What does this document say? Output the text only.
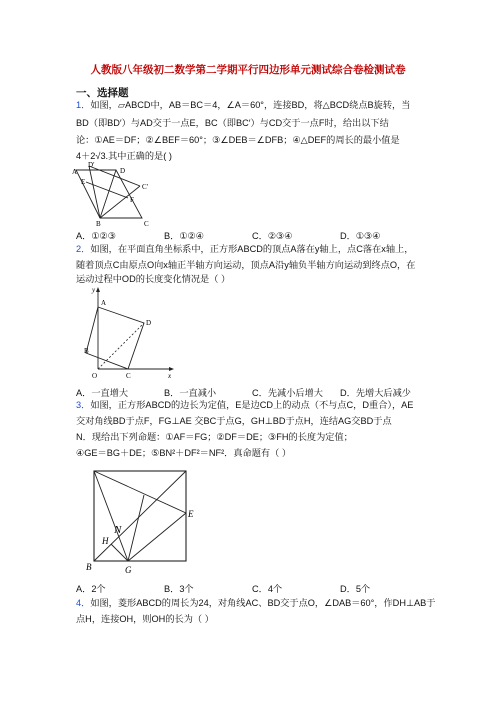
人教版八年级初二数学第二学期平行四边形单元测试综合卷检测试卷
一、选择题
1．如图，▱ABCD中，AB＝BC＝4，∠A＝60°，连接BD，将△BCD绕点B旋转，当
BD（即BD′）与AD交于一点E，BC（即BC′）与CD交于一点F时，给出以下结
论：①AE＝DF；②∠BEF＝60°；③∠DEB＝∠DFB；④△DEF的周长的最小值是
4＋2√3.其中正确的是( )
D′
A
E
D
C′
F
B	C
A．①②③	B．①②④	C．②③④	D．①③④
2．如图，在平面直角坐标系中，正方形ABCD的顶点A落在y轴上，点C落在x轴上，
随着顶点C由原点O向x轴正半轴方向运动，顶点A沿y轴负半轴方向运动到终点O，在
运动过程中OD的长度变化情况是（ ）
y
A
D
B
O	C	x
A．一直增大	B．一直减小	C．先减小后增大 D．先增大后减少
3．如图，正方形ABCD的边长为定值，E是边CD上的动点（不与点C，D重合），AE
交对角线BD于点F，FG⊥AE 交BC于点G，GH⊥BD于点H，连结AG交BD于点
N．现给出下列命题：①AF＝FG；②DF＝DE；③FH的长度为定值；
④GE＝BG＋DE；⑤BN²＋DF²＝NF²．真命题有（ ）
N
H
B	G
E
A．2个	B．3个	C．4个	D．5个
4．如图，菱形ABCD的周长为24，对角线AC、BD交于点O，∠DAB＝60°，作DH⊥AB于
点H，连接OH，则OH的长为（ ）
